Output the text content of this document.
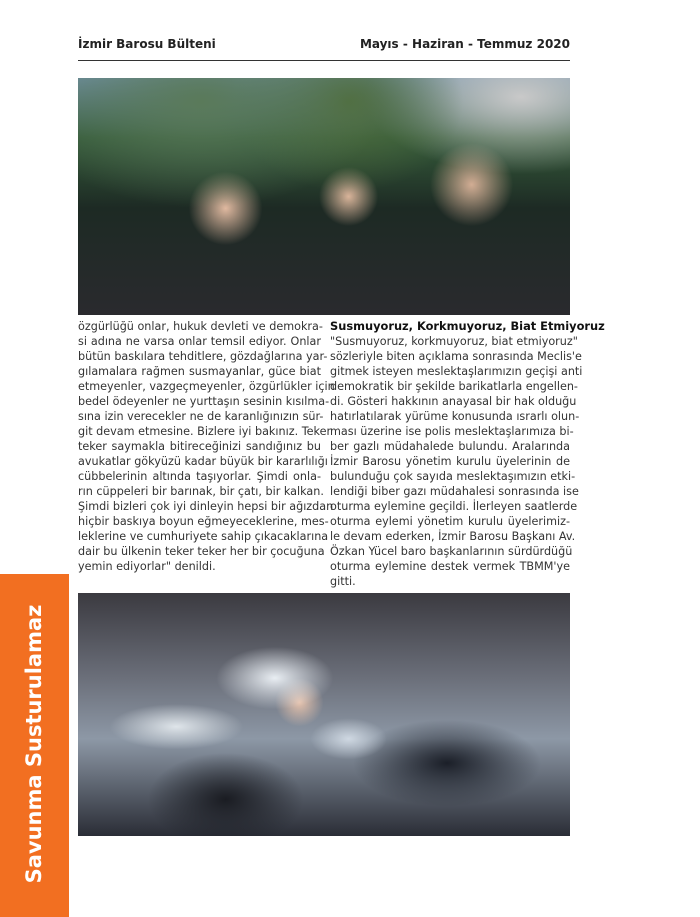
İzmir Barosu Bülteni	Mayıs - Haziran - Temmuz 2020
özgürlüğü onlar, hukuk devleti ve demokra-
si adına ne varsa onlar temsil ediyor. Onlar
bütün baskılara tehditlere, gözdağlarına yar-
gılamalara rağmen susmayanlar, güce biat
etmeyenler, vazgeçmeyenler, özgürlükler için
bedel ödeyenler ne yurttaşın sesinin kısılma-
sına izin verecekler ne de karanlığınızın sür-
git devam etmesine. Bizlere iyi bakınız. Teker
teker saymakla bitireceğinizi sandığınız bu
avukatlar gökyüzü kadar büyük bir kararlılığı
cübbelerinin altında taşıyorlar. Şimdi onla-
rın cüppeleri bir barınak, bir çatı, bir kalkan.
Şimdi bizleri çok iyi dinleyin hepsi bir ağızdan
hiçbir baskıya boyun eğmeyeceklerine, mes-
leklerine ve cumhuriyete sahip çıkacaklarına
dair bu ülkenin teker teker her bir çocuğuna
yemin ediyorlar" denildi.
Susmuyoruz, Korkmuyoruz, Biat Etmiyoruz
"Susmuyoruz, korkmuyoruz, biat etmiyoruz"
sözleriyle biten açıklama sonrasında Meclis'e
gitmek isteyen meslektaşlarımızın geçişi anti
demokratik bir şekilde barikatlarla engellen-
di. Gösteri hakkının anayasal bir hak olduğu
hatırlatılarak yürüme konusunda ısrarlı olun-
ması üzerine ise polis meslektaşlarımıza bi-
ber gazlı müdahalede bulundu. Aralarında
İzmir Barosu yönetim kurulu üyelerinin de
bulunduğu çok sayıda meslektaşımızın etki-
lendiği biber gazı müdahalesi sonrasında ise
oturma eylemine geçildi. İlerleyen saatlerde
oturma eylemi yönetim kurulu üyelerimiz-
le devam ederken, İzmir Barosu Başkanı Av.
Özkan Yücel baro başkanlarının sürdürdüğü
oturma eylemine destek vermek TBMM'ye
gitti.
Savunma Susturulamaz
